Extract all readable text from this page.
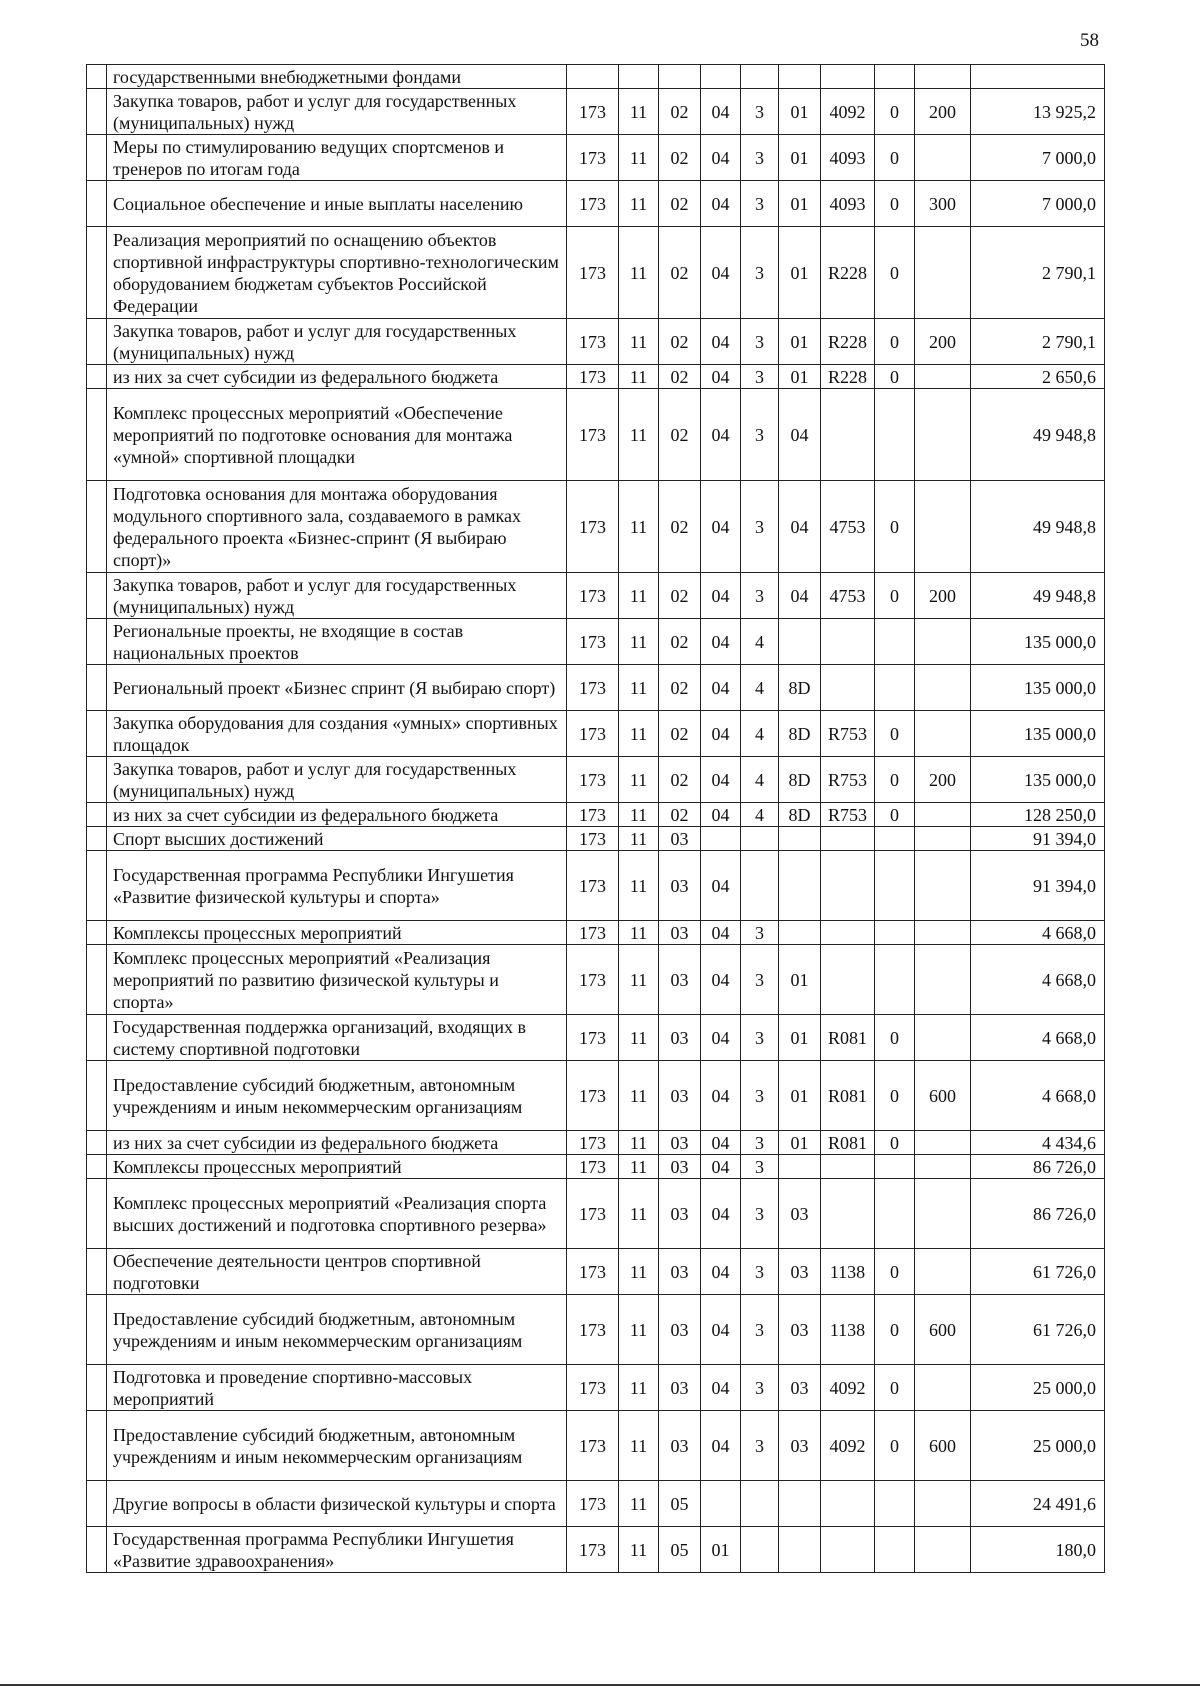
58
	государственными внебюджетными фондами										
	Закупка товаров, работ и услуг для государственных (муниципальных) нужд	173	11	02	04	3	01	4092	0	200	13 925,2
	Меры по стимулированию ведущих спортсменов и тренеров по итогам года	173	11	02	04	3	01	4093	0		7 000,0
	Социальное обеспечение и иные выплаты населению	173	11	02	04	3	01	4093	0	300	7 000,0
	Реализация мероприятий по оснащению объектов спортивной инфраструктуры спортивно-технологическим оборудованием бюджетам субъектов Российской Федерации	173	11	02	04	3	01	R228	0		2 790,1
	Закупка товаров, работ и услуг для государственных (муниципальных) нужд	173	11	02	04	3	01	R228	0	200	2 790,1
	из них за счет субсидии из федерального бюджета	173	11	02	04	3	01	R228	0		2 650,6
	Комплекс процессных мероприятий «Обеспечение мероприятий по подготовке основания для монтажа «умной» спортивной площадки	173	11	02	04	3	04				49 948,8
	Подготовка основания для монтажа оборудования модульного спортивного зала, создаваемого в рамках федерального проекта «Бизнес-спринт (Я выбираю спорт)»	173	11	02	04	3	04	4753	0		49 948,8
	Закупка товаров, работ и услуг для государственных (муниципальных) нужд	173	11	02	04	3	04	4753	0	200	49 948,8
	Региональные проекты, не входящие в состав национальных проектов	173	11	02	04	4					135 000,0
	Региональный проект «Бизнес спринт (Я выбираю спорт)	173	11	02	04	4	8D				135 000,0
	Закупка оборудования для создания «умных» спортивных площадок	173	11	02	04	4	8D	R753	0		135 000,0
	Закупка товаров, работ и услуг для государственных (муниципальных) нужд	173	11	02	04	4	8D	R753	0	200	135 000,0
	из них за счет субсидии из федерального бюджета	173	11	02	04	4	8D	R753	0		128 250,0
	Спорт высших достижений	173	11	03							91 394,0
	Государственная программа Республики Ингушетия «Развитие физической культуры и спорта»	173	11	03	04						91 394,0
	Комплексы процессных мероприятий	173	11	03	04	3					4 668,0
	Комплекс процессных мероприятий «Реализация мероприятий по развитию физической культуры и спорта»	173	11	03	04	3	01				4 668,0
	Государственная поддержка организаций, входящих в систему спортивной подготовки	173	11	03	04	3	01	R081	0		4 668,0
	Предоставление субсидий бюджетным, автономным учреждениям и иным некоммерческим организациям	173	11	03	04	3	01	R081	0	600	4 668,0
	из них за счет субсидии из федерального бюджета	173	11	03	04	3	01	R081	0		4 434,6
	Комплексы процессных мероприятий	173	11	03	04	3					86 726,0
	Комплекс процессных мероприятий «Реализация спорта высших достижений и подготовка спортивного резерва»	173	11	03	04	3	03				86 726,0
	Обеспечение деятельности центров спортивной подготовки	173	11	03	04	3	03	1138	0		61 726,0
	Предоставление субсидий бюджетным, автономным учреждениям и иным некоммерческим организациям	173	11	03	04	3	03	1138	0	600	61 726,0
	Подготовка и проведение спортивно-массовых мероприятий	173	11	03	04	3	03	4092	0		25 000,0
	Предоставление субсидий бюджетным, автономным учреждениям и иным некоммерческим организациям	173	11	03	04	3	03	4092	0	600	25 000,0
	Другие вопросы в области физической культуры и спорта	173	11	05							24 491,6
	Государственная программа Республики Ингушетия «Развитие здравоохранения»	173	11	05	01						180,0
